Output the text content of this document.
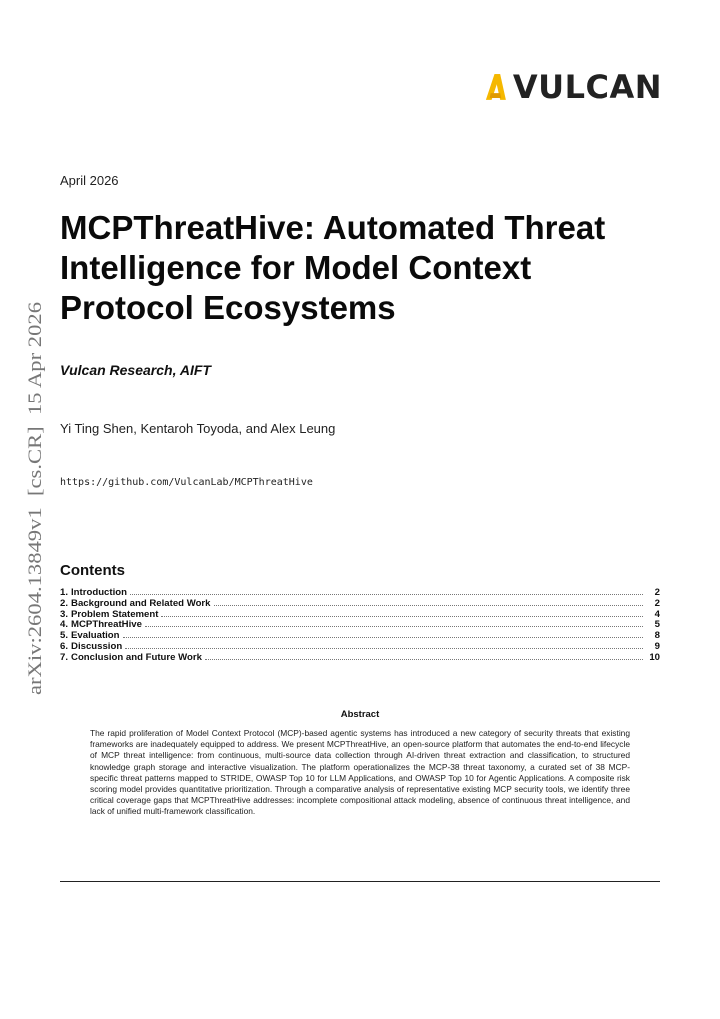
arXiv:2604.13849v1  [cs.CR]  15 Apr 2026
VULCAN
April 2026
MCPThreatHive: Automated Threat Intelligence for Model Context Protocol Ecosystems
Vulcan Research, AIFT
Yi Ting Shen, Kentaroh Toyoda, and Alex Leung
https://github.com/VulcanLab/MCPThreatHive
Contents
1. Introduction	2
2. Background and Related Work	2
3. Problem Statement	4
4. MCPThreatHive	5
5. Evaluation	8
6. Discussion	9
7. Conclusion and Future Work	10
Abstract

The rapid proliferation of Model Context Protocol (MCP)-based agentic systems has introduced a new category of security threats that existing frameworks are inadequately equipped to address. We present MCPThreatHive, an open-source platform that automates the end-to-end lifecycle of MCP threat intelligence: from continuous, multi-source data collection through AI-driven threat extraction and classification, to structured knowledge graph storage and interactive visualization. The platform operationalizes the MCP-38 threat taxonomy, a curated set of 38 MCP-specific threat patterns mapped to STRIDE, OWASP Top 10 for LLM Applications, and OWASP Top 10 for Agentic Applications. A composite risk scoring model provides quantitative prioritization. Through a comparative analysis of representative existing MCP security tools, we identify three critical coverage gaps that MCPThreatHive addresses: incomplete compositional attack modeling, absence of continuous threat intelligence, and lack of unified multi-framework classification.
